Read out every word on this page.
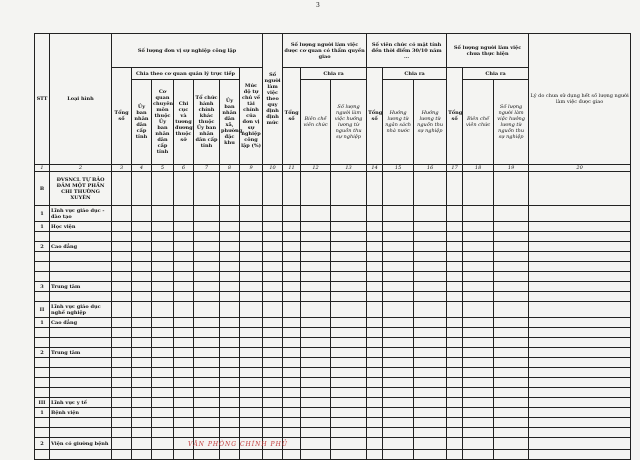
3
STT	Loại hình	Số lượng đơn vị sự nghiệp công lập							Số người làm việc theo quy định định mức	Số lượng người làm việc được cơ quan có thẩm quyền giao			Số viên chức có mặt tính đến thời điểm 30/10 năm ...			Số lượng người làm việc chưa thực hiện			Lý do chưa sử dụng hết số lượng người làm việc được giao
		Tổng số	Chia theo cơ quan quản lý trực tiếp					Mức độ tự chủ về tài chính của đơn vị sự nghiệp công lập (%)		Tổng số	Chia ra		Tổng số	Chia ra		Tổng số	Chia ra		
			Ủy ban nhân dân cấp tỉnh	Cơ quan chuyên môn thuộc Ủy ban nhân dân cấp tỉnh	Chi cục và tương đương thuộc sở	Tổ chức hành chính khác thuộc Ủy ban nhân dân cấp tỉnh	Ủy ban nhân dân xã, phường, đặc khu				Biên chế viên chức	Số lượng người làm việc hưởng lương từ nguồn thu sự nghiệp		Hưởng lương từ ngân sách nhà nước	Hưởng lương từ nguồn thu sự nghiệp		Biên chế viên chức	Số lượng người làm việc hưởng lương từ nguồn thu sự nghiệp	
1	2	3	4	5	6	7	8	9	10	11	12	13	14	15	16	17	18	19	20
B	ĐVSNCL TỰ BẢO ĐẢM MỘT PHẦN CHI THƯỜNG XUYÊN																		
1	Lĩnh vực giáo dục - đào tạo																		
1	Học viện																		

2	Cao đẳng																		

3	Trung tâm																		

II	Lĩnh vực giáo dục nghề nghiệp																		
1	Cao đẳng																		

2	Trung tâm																		

III	Lĩnh vực y tế																		
1	Bệnh viện																		

2	Viện có giường bệnh																		
																				VĂN PHÒNG CHÍNH PHỦ
